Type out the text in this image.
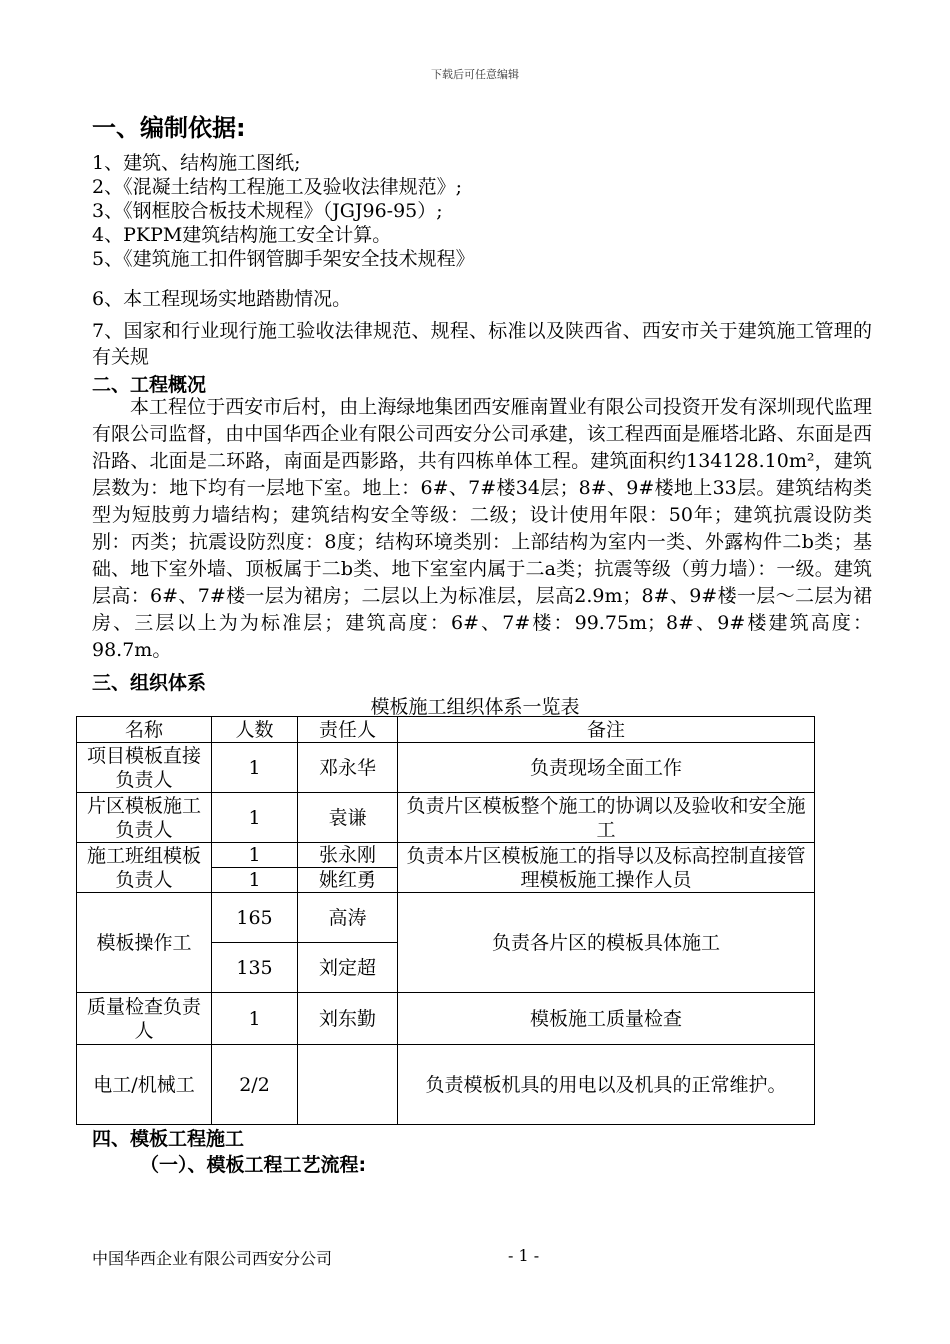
下载后可任意编辑
一、编制依据:
1、建筑、结构施工图纸;
2、《混凝土结构工程施工及验收法律规范》;
3、《钢框胶合板技术规程》（JGJ96-95）;
4、PKPM建筑结构施工安全计算。
5、《建筑施工扣件钢管脚手架安全技术规程》
6、本工程现场实地踏勘情况。
7、国家和行业现行施工验收法律规范、规程、标准以及陕西省、西安市关于建筑施工管理的有关规
二、工程概况
本工程位于西安市后村，由上海绿地集团西安雁南置业有限公司投资开发有深圳现代监理有限公司监督，由中国华西企业有限公司西安分公司承建，该工程西面是雁塔北路、东面是西沿路、北面是二环路，南面是西影路，共有四栋单体工程。建筑面积约134128.10m²，建筑层数为：地下均有一层地下室。地上：6#、7#楼34层；8#、9#楼地上33层。建筑结构类型为短肢剪力墙结构；建筑结构安全等级：二级；设计使用年限：50年；建筑抗震设防类别：丙类；抗震设防烈度：8度；结构环境类别：上部结构为室内一类、外露构件二b类；基础、地下室外墙、顶板属于二b类、地下室室内属于二a类；抗震等级（剪力墙）：一级。建筑层高：6#、7#楼一层为裙房；二层以上为标准层，层高2.9m；8#、9#楼一层～二层为裙房、三层以上为为标准层；建筑高度：6#、7#楼：99.75m；8#、9#楼建筑高度：98.7m。
三、组织体系
模板施工组织体系一览表
名称	人数	责任人	备注
项目模板直接负责人	1	邓永华	负责现场全面工作
片区模板施工负责人	1	袁谦	负责片区模板整个施工的协调以及验收和安全施工
施工班组模板负责人	1	张永刚	负责本片区模板施工的指导以及标高控制直接管理模板施工操作人员
	1	姚红勇	
模板操作工	165	高涛	负责各片区的模板具体施工
	135	刘定超	
质量检查负责人	1	刘东勤	模板施工质量检查
电工/机械工	2/2		负责模板机具的用电以及机具的正常维护。
四、模板工程施工
（一）、模板工程工艺流程:
中国华西企业有限公司西安分公司	- 1 -
